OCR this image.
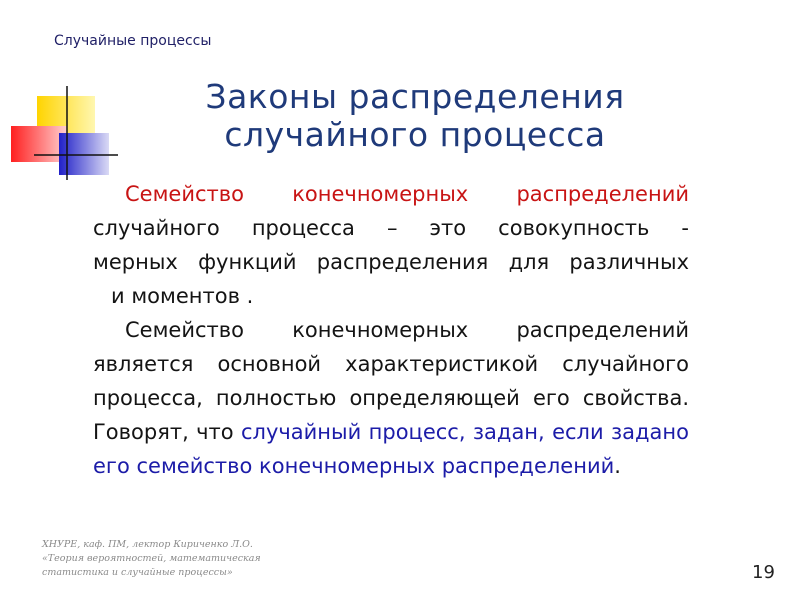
Случайные процессы
Законы распределения
случайного процесса
Семейство конечномерных распределений
случайного процесса – это совокупность -
мерных функций распределения для различных
и моментов .

Семейство конечномерных распределений является основной характеристикой случайного процесса, полностью определяющей его свойства. Говорят, что случайный процесс, задан, если задано его семейство конечномерных распределений.

ХНУРЕ, каф. ПМ, лектор Кириченко Л.О.
«Теория вероятностей, математическая
статистика и случайные процессы»	19
